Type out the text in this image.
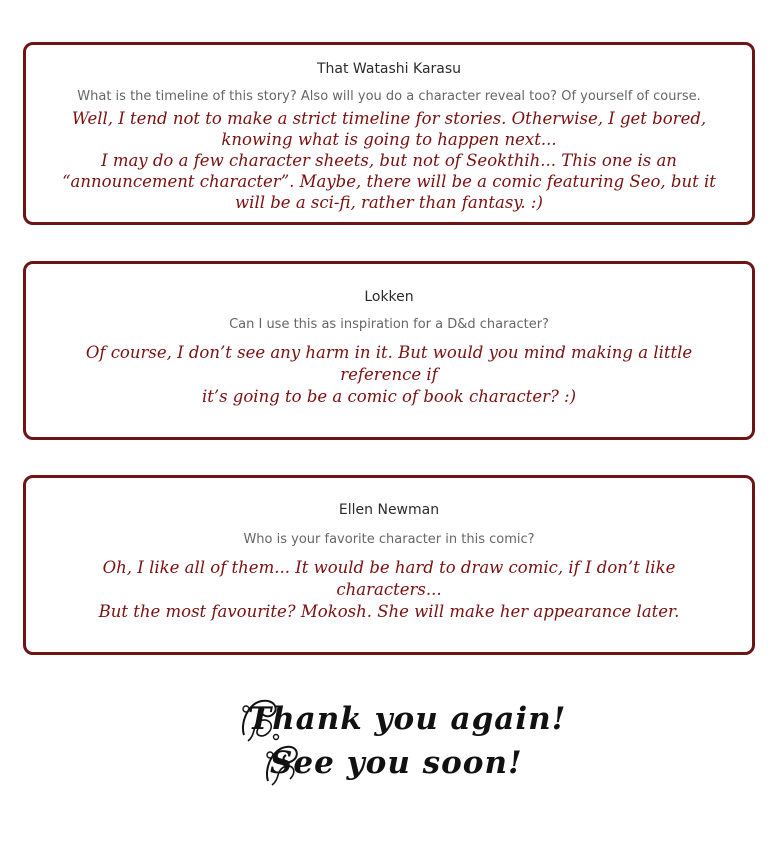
That Watashi Karasu

What is the timeline of this story? Also will you do a character reveal too? Of yourself of course.

Well, I tend not to make a strict timeline for stories. Otherwise, I get bored,
knowing what is going to happen next...
I may do a few character sheets, but not of Seokthih... This one is an
“announcement character”. Maybe, there will be a comic featuring Seo, but it
will be a sci-fi, rather than fantasy. :)

Lokken

Can I use this as inspiration for a D&d character?

Of course, I don’t see any harm in it. But would you mind making a little reference if
it’s going to be a comic of book character? :)

Ellen Newman

Who is your favorite character in this comic?

Oh, I like all of them... It would be hard to draw comic, if I don’t like characters...
But the most favourite? Mokosh. She will make her appearance later.
Thank you again!
See you soon!
